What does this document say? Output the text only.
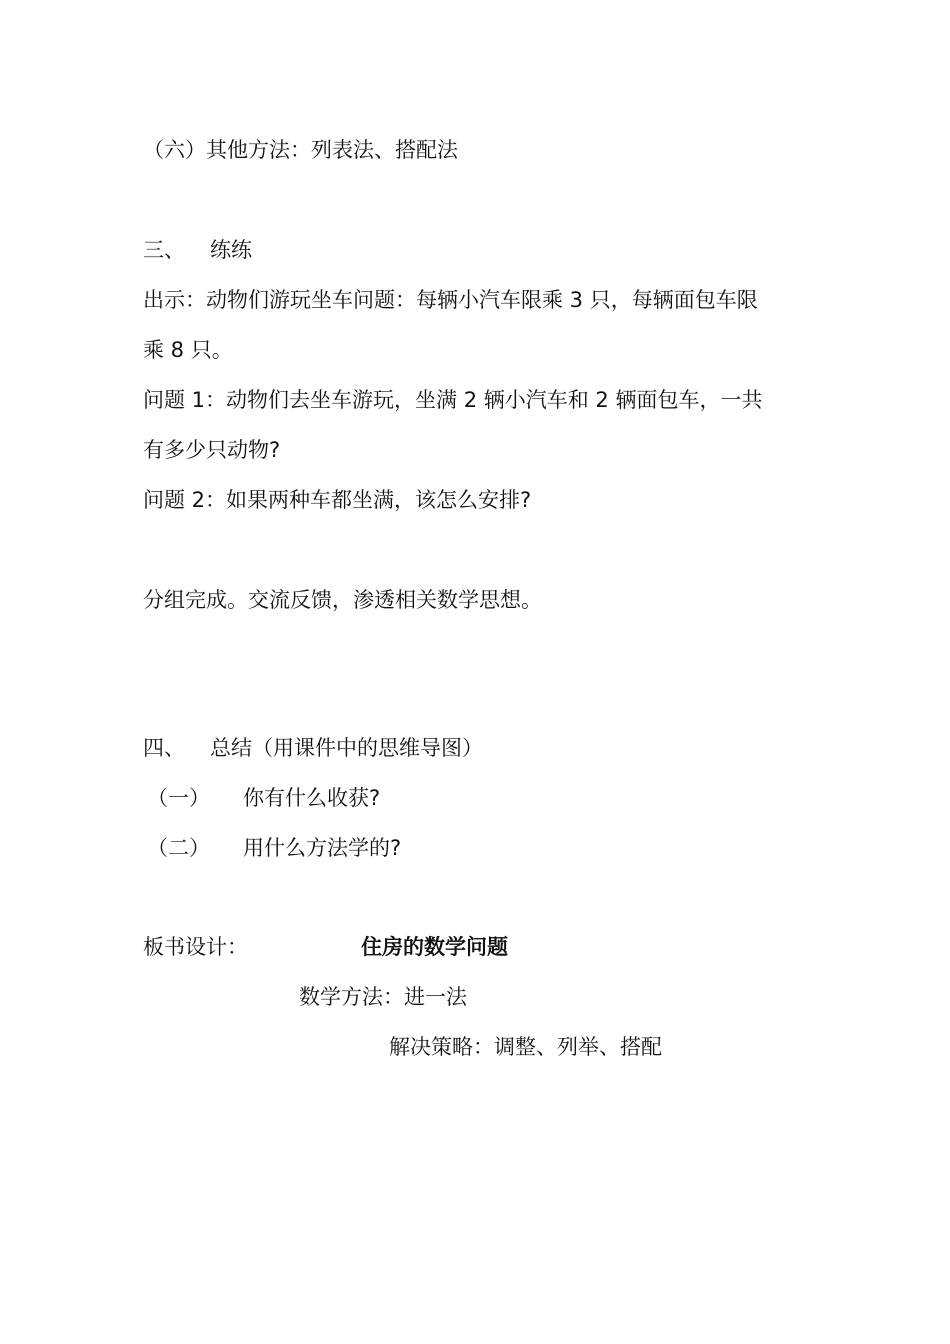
（六）其他方法：列表法、搭配法
三、 练练
出示：动物们游玩坐车问题：每辆小汽车限乘 3 只，每辆面包车限
乘 8 只。
问题 1：动物们去坐车游玩，坐满 2 辆小汽车和 2 辆面包车，一共
有多少只动物?
问题 2：如果两种车都坐满，该怎么安排?
分组完成。交流反馈，渗透相关数学思想。
四、 总结（用课件中的思维导图）
（一） 你有什么收获?
（二） 用什么方法学的?
板书设计：	住房的数学问题
数学方法：进一法
解决策略：调整、列举、搭配
